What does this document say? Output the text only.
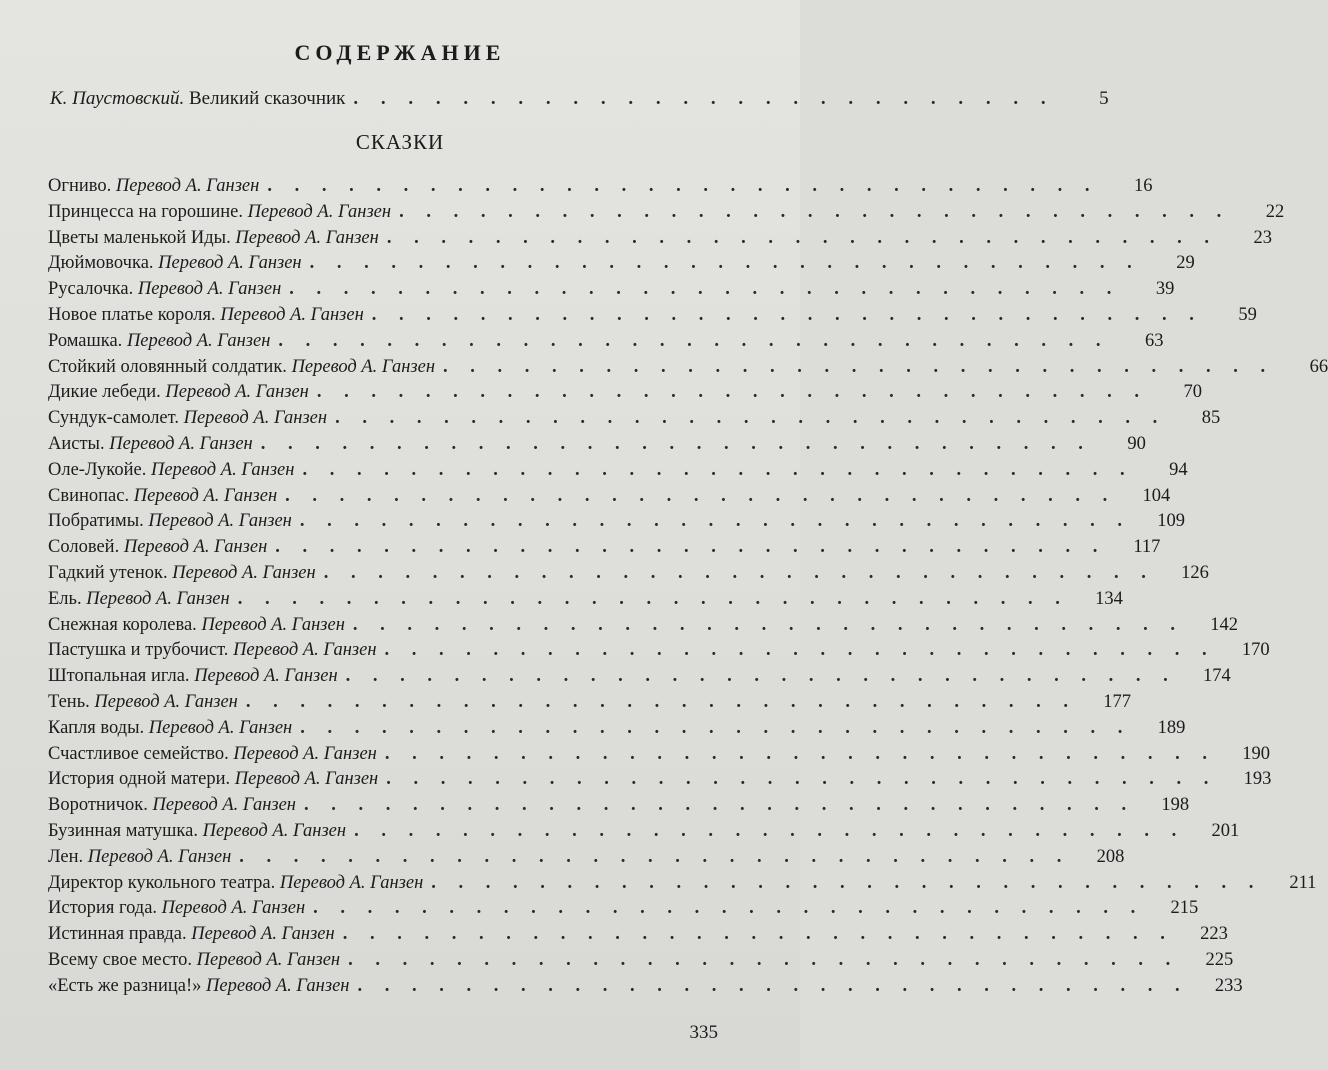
СОДЕРЖАНИЕ
К. Паустовский. Великий сказочник . . . . . . . . . . . . . . . . . . . . . . . . . .	5
СКАЗКИ
Огниво. Перевод А. Ганзен . . . . . . . . . . . . . . . . . . . . . . . . . . . . . . .	16
Принцесса на горошине. Перевод А. Ганзен . . . . . . . . . . . . . . . . . . . . . . . . . . . . . . .	22
Цветы маленькой Иды. Перевод А. Ганзен . . . . . . . . . . . . . . . . . . . . . . . . . . . . . . .	23
Дюймовочка. Перевод А. Ганзен . . . . . . . . . . . . . . . . . . . . . . . . . . . . . . .	29
Русалочка. Перевод А. Ганзен . . . . . . . . . . . . . . . . . . . . . . . . . . . . . . .	39
Новое платье короля. Перевод А. Ганзен . . . . . . . . . . . . . . . . . . . . . . . . . . . . . . .	59
Ромашка. Перевод А. Ганзен . . . . . . . . . . . . . . . . . . . . . . . . . . . . . . .	63
Стойкий оловянный солдатик. Перевод А. Ганзен . . . . . . . . . . . . . . . . . . . . . . . . . . . . . . .	66
Дикие лебеди. Перевод А. Ганзен . . . . . . . . . . . . . . . . . . . . . . . . . . . . . . .	70
Сундук-самолет. Перевод А. Ганзен . . . . . . . . . . . . . . . . . . . . . . . . . . . . . . .	85
Аисты. Перевод А. Ганзен . . . . . . . . . . . . . . . . . . . . . . . . . . . . . . .	90
Оле-Лукойе. Перевод А. Ганзен . . . . . . . . . . . . . . . . . . . . . . . . . . . . . . .	94
Свинопас. Перевод А. Ганзен . . . . . . . . . . . . . . . . . . . . . . . . . . . . . . .	104
Побратимы. Перевод А. Ганзен . . . . . . . . . . . . . . . . . . . . . . . . . . . . . . .	109
Соловей. Перевод А. Ганзен . . . . . . . . . . . . . . . . . . . . . . . . . . . . . . .	117
Гадкий утенок. Перевод А. Ганзен . . . . . . . . . . . . . . . . . . . . . . . . . . . . . . .	126
Ель. Перевод А. Ганзен . . . . . . . . . . . . . . . . . . . . . . . . . . . . . . .	134
Снежная королева. Перевод А. Ганзен . . . . . . . . . . . . . . . . . . . . . . . . . . . . . . .	142
Пастушка и трубочист. Перевод А. Ганзен . . . . . . . . . . . . . . . . . . . . . . . . . . . . . . .	170
Штопальная игла. Перевод А. Ганзен . . . . . . . . . . . . . . . . . . . . . . . . . . . . . . .	174
Тень. Перевод А. Ганзен . . . . . . . . . . . . . . . . . . . . . . . . . . . . . . .	177
Капля воды. Перевод А. Ганзен . . . . . . . . . . . . . . . . . . . . . . . . . . . . . . .	189
Счастливое семейство. Перевод А. Ганзен . . . . . . . . . . . . . . . . . . . . . . . . . . . . . . .	190
История одной матери. Перевод А. Ганзен . . . . . . . . . . . . . . . . . . . . . . . . . . . . . . .	193
Воротничок. Перевод А. Ганзен . . . . . . . . . . . . . . . . . . . . . . . . . . . . . . .	198
Бузинная матушка. Перевод А. Ганзен . . . . . . . . . . . . . . . . . . . . . . . . . . . . . . .	201
Лен. Перевод А. Ганзен . . . . . . . . . . . . . . . . . . . . . . . . . . . . . . .	208
Директор кукольного театра. Перевод А. Ганзен . . . . . . . . . . . . . . . . . . . . . . . . . . . . . . .	211
История года. Перевод А. Ганзен . . . . . . . . . . . . . . . . . . . . . . . . . . . . . . .	215
Истинная правда. Перевод А. Ганзен . . . . . . . . . . . . . . . . . . . . . . . . . . . . . . .	223
Всему свое место. Перевод А. Ганзен . . . . . . . . . . . . . . . . . . . . . . . . . . . . . . .	225
«Есть же разница!» Перевод А. Ганзен . . . . . . . . . . . . . . . . . . . . . . . . . . . . . . .	233
335
